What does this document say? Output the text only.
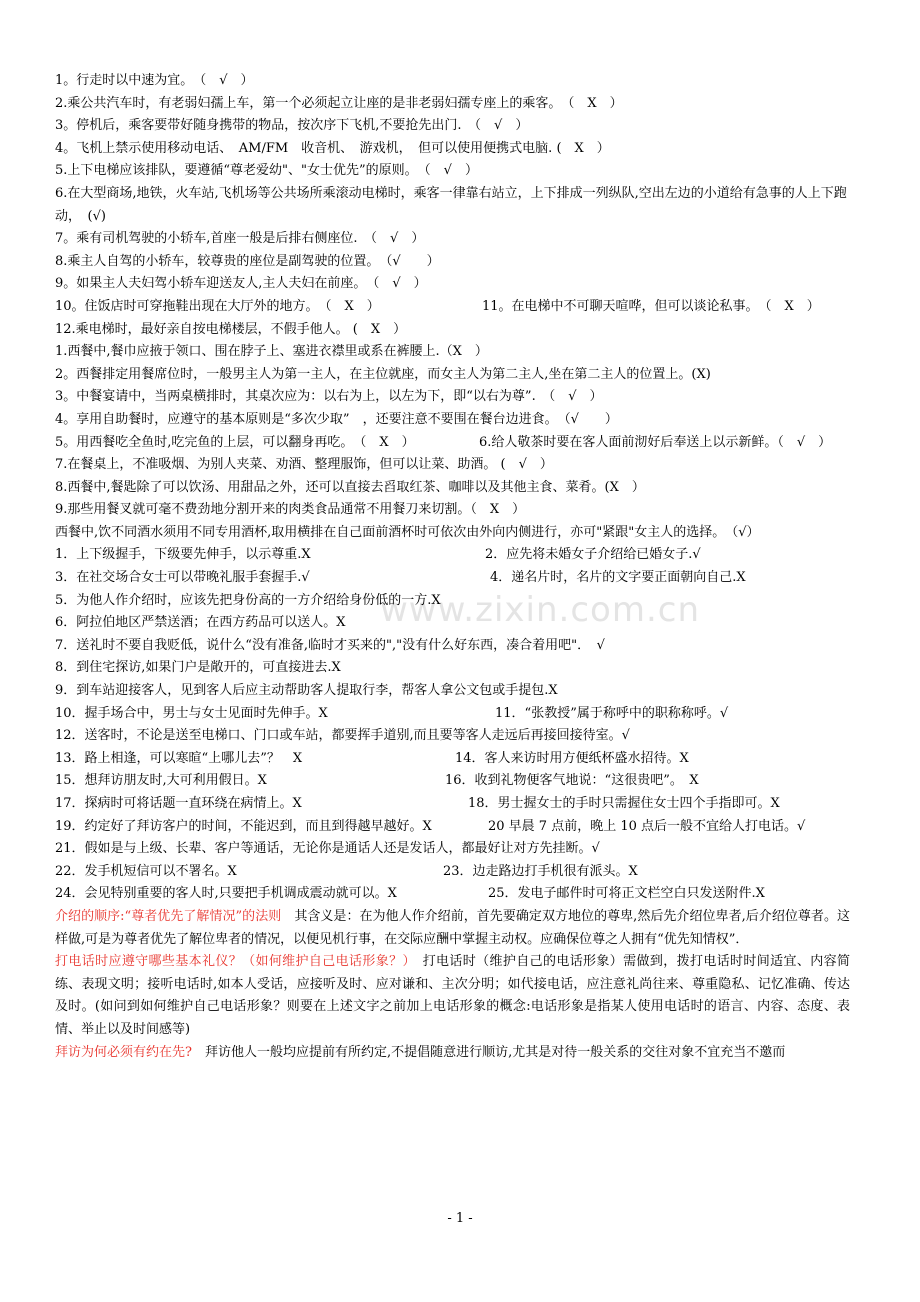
www.zixin.com.cn
1。行走时以中速为宜。　（　√　）
2.乘公共汽车时，有老弱妇孺上车，第一个必须起立让座的是非老弱妇孺专座上的乘客。　（　X　）
3。停机后，乘客要带好随身携带的物品，按次序下飞机,不要抢先出门.　（　√　）
4。飞机上禁示使用移动电话、　AM/FM　收音机、　游戏机，　但可以使用便携式电脑. (　X　）
5.上下电梯应该排队，要遵循“尊老爱幼"、"女士优先”的原则。　（　√　）
6.在大型商场,地铁，火车站,飞机场等公共场所乘滚动电梯时，乘客一律靠右站立，上下排成一列纵队,空出左边的小道给有急事的人上下跑动，　(√)
7。乘有司机驾驶的小轿车,首座一般是后排右侧座位.　（　√　）
8.乘主人自驾的小轿车，较尊贵的座位是副驾驶的位置。　（√　　）
9。如果主人夫妇驾小轿车迎送友人,主人夫妇在前座。　（　√　）
10。住饭店时可穿拖鞋出现在大厅外的地方。　（　X　）	11。在电梯中不可聊天喧哗，但可以谈论私事。　（　X　）
12.乘电梯时，最好亲自按电梯楼层，不假手他人。 (　X　）
1.西餐中,餐巾应掖于领口、围在脖子上、塞进衣襟里或系在裤腰上.（X　）
2。西餐排定用餐席位时，一般男主人为第一主人，在主位就座，而女主人为第二主人,坐在第二主人的位置上。(X)
3。中餐宴请中，当两桌横排时，其桌次应为：以右为上，以左为下，即“以右为尊”.　（　√　）
4。享用自助餐时，应遵守的基本原则是“多次少取”　，还要注意不要围在餐台边进食。　（√　　）
5。用西餐吃全鱼时,吃完鱼的上层，可以翻身再吃。　（　X　）	6.给人敬茶时要在客人面前沏好后奉送上以示新鲜。（　√　）
7.在餐桌上，不准吸烟、为别人夹菜、劝酒、整理服饰，但可以让菜、助酒。 (　√　）
8.西餐中,餐匙除了可以饮汤、用甜品之外，还可以直接去舀取红茶、咖啡以及其他主食、菜肴。(X　）
9.那些用餐叉就可毫不费劲地分割开来的肉类食品通常不用餐刀来切割。（　X　）
西餐中,饮不同酒水须用不同专用酒杯,取用横排在自己面前酒杯时可依次由外向内侧进行，亦可"紧跟"女主人的选择。　（√）
1．上下级握手，下级要先伸手，以示尊重.X	2．应先将未婚女子介绍给已婚女子.√
3．在社交场合女士可以带晚礼服手套握手.√	4．递名片时，名片的文字要正面朝向自己.X
5．为他人作介绍时，应该先把身份高的一方介绍给身份低的一方.X
6．阿拉伯地区严禁送酒；在西方药品可以送人。X
7．送礼时不要自我贬低，说什么“没有准备,临时才买来的","没有什么好东西，凑合着用吧"．　√
8．到住宅探访,如果门户是敞开的，可直接进去.X
9．到车站迎接客人，见到客人后应主动帮助客人提取行李，帮客人拿公文包或手提包.X
10．握手场合中，男士与女士见面时先伸手。X	11．“张教授”属于称呼中的职称称呼。√
12．送客时，不论是送至电梯口、门口或车站，都要挥手道别,而且要等客人走远后再接回接待室。√
13．路上相逢，可以寒暄“上哪儿去”？　X	14．客人来访时用方便纸杯盛水招待。X
15．想拜访朋友时,大可利用假日。X	16．收到礼物便客气地说：“这很贵吧”。　X
17．探病时可将话题一直环绕在病情上。X	18．男士握女士的手时只需握住女士四个手指即可。X
19．约定好了拜访客户的时间，不能迟到，而且到得越早越好。X	20 早晨 7 点前，晚上 10 点后一般不宜给人打电话。√
21．假如是与上级、长辈、客户等通话，无论你是通话人还是发话人，都最好让对方先挂断。√
22．发手机短信可以不署名。X	23．边走路边打手机很有派头。X
24．会见特别重要的客人时,只要把手机调成震动就可以。X	25．发电子邮件时可将正文栏空白只发送附件.X
介绍的顺序:“尊者优先了解情况”的法则　其含义是：在为他人作介绍前，首先要确定双方地位的尊卑,然后先介绍位卑者,后介绍位尊者。这样做,可是为尊者优先了解位卑者的情况，以便见机行事，在交际应酬中掌握主动权。应确保位尊之人拥有“优先知情权”．
打电话时应遵守哪些基本礼仪？（如何维护自己电话形象？）　打电话时（维护自己的电话形象）需做到，拨打电话时时间适宜、内容简练、表现文明；接听电话时,如本人受话，应接听及时、应对谦和、主次分明；如代接电话，应注意礼尚往来、尊重隐私、记忆准确、传达及时。(如问到如何维护自己电话形象？则要在上述文字之前加上电话形象的概念:电话形象是指某人使用电话时的语言、内容、态度、表情、举止以及时间感等)
拜访为何必须有约在先?　拜访他人一般均应提前有所约定,不提倡随意进行顺访,尤其是对待一般关系的交往对象不宜充当不邀而
- 1 -
